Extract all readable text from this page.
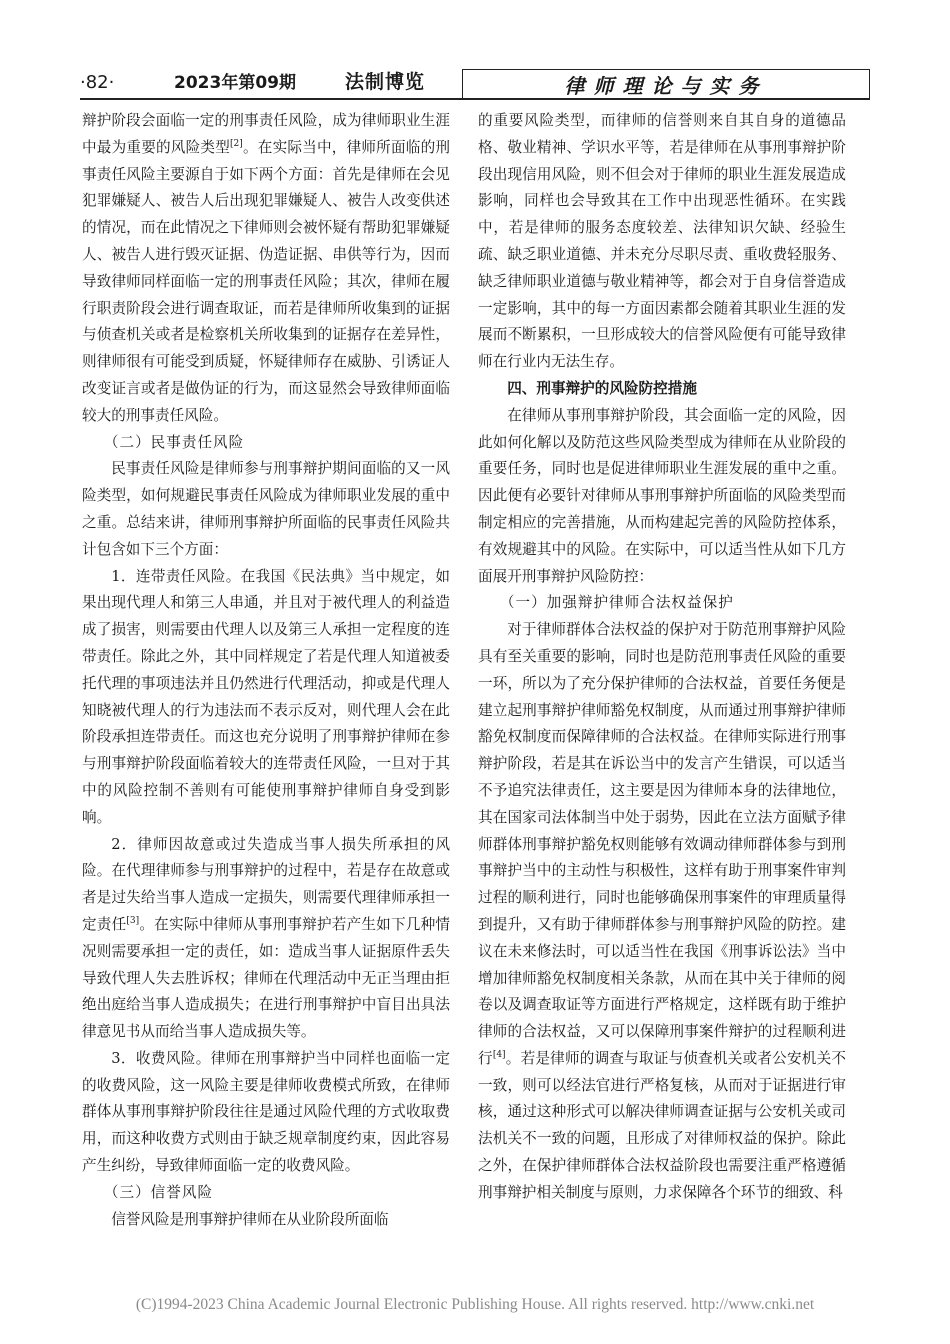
·82·	2023年第09期	法制博览	律师理论与实务

辩护阶段会面临一定的刑事责任风险，成为律师职业生涯中最为重要的风险类型[2]。在实际当中，律师所面临的刑事责任风险主要源自于如下两个方面：首先是律师在会见犯罪嫌疑人、被告人后出现犯罪嫌疑人、被告人改变供述的情况，而在此情况之下律师则会被怀疑有帮助犯罪嫌疑人、被告人进行毁灭证据、伪造证据、串供等行为，因而导致律师同样面临一定的刑事责任风险；其次，律师在履行职责阶段会进行调查取证，而若是律师所收集到的证据与侦查机关或者是检察机关所收集到的证据存在差异性，则律师很有可能受到质疑，怀疑律师存在威胁、引诱证人改变证言或者是做伪证的行为，而这显然会导致律师面临较大的刑事责任风险。

（二）民事责任风险

民事责任风险是律师参与刑事辩护期间面临的又一风险类型，如何规避民事责任风险成为律师职业发展的重中之重。总结来讲，律师刑事辩护所面临的民事责任风险共计包含如下三个方面：

1．连带责任风险。在我国《民法典》当中规定，如果出现代理人和第三人串通，并且对于被代理人的利益造成了损害，则需要由代理人以及第三人承担一定程度的连带责任。除此之外，其中同样规定了若是代理人知道被委托代理的事项违法并且仍然进行代理活动，抑或是代理人知晓被代理人的行为违法而不表示反对，则代理人会在此阶段承担连带责任。而这也充分说明了刑事辩护律师在参与刑事辩护阶段面临着较大的连带责任风险，一旦对于其中的风险控制不善则有可能使刑事辩护律师自身受到影响。

2．律师因故意或过失造成当事人损失所承担的风险。在代理律师参与刑事辩护的过程中，若是存在故意或者是过失给当事人造成一定损失，则需要代理律师承担一定责任[3]。在实际中律师从事刑事辩护若产生如下几种情况则需要承担一定的责任，如：造成当事人证据原件丢失导致代理人失去胜诉权；律师在代理活动中无正当理由拒绝出庭给当事人造成损失；在进行刑事辩护中盲目出具法律意见书从而给当事人造成损失等。

3．收费风险。律师在刑事辩护当中同样也面临一定的收费风险，这一风险主要是律师收费模式所致，在律师群体从事刑事辩护阶段往往是通过风险代理的方式收取费用，而这种收费方式则由于缺乏规章制度约束，因此容易产生纠纷，导致律师面临一定的收费风险。

（三）信誉风险

信誉风险是刑事辩护律师在从业阶段所面临

的重要风险类型，而律师的信誉则来自其自身的道德品格、敬业精神、学识水平等，若是律师在从事刑事辩护阶段出现信用风险，则不但会对于律师的职业生涯发展造成影响，同样也会导致其在工作中出现恶性循环。在实践中，若是律师的服务态度较差、法律知识欠缺、经验生疏、缺乏职业道德、并未充分尽职尽责、重收费轻服务、缺乏律师职业道德与敬业精神等，都会对于自身信誉造成一定影响，其中的每一方面因素都会随着其职业生涯的发展而不断累积，一旦形成较大的信誉风险便有可能导致律师在行业内无法生存。

四、刑事辩护的风险防控措施

在律师从事刑事辩护阶段，其会面临一定的风险，因此如何化解以及防范这些风险类型成为律师在从业阶段的重要任务，同时也是促进律师职业生涯发展的重中之重。因此便有必要针对律师从事刑事辩护所面临的风险类型而制定相应的完善措施，从而构建起完善的风险防控体系，有效规避其中的风险。在实际中，可以适当性从如下几方面展开刑事辩护风险防控：

（一）加强辩护律师合法权益保护

对于律师群体合法权益的保护对于防范刑事辩护风险具有至关重要的影响，同时也是防范刑事责任风险的重要一环，所以为了充分保护律师的合法权益，首要任务便是建立起刑事辩护律师豁免权制度，从而通过刑事辩护律师豁免权制度而保障律师的合法权益。在律师实际进行刑事辩护阶段，若是其在诉讼当中的发言产生错误，可以适当不予追究法律责任，这主要是因为律师本身的法律地位，其在国家司法体制当中处于弱势，因此在立法方面赋予律师群体刑事辩护豁免权则能够有效调动律师群体参与到刑事辩护当中的主动性与积极性，这样有助于刑事案件审判过程的顺利进行，同时也能够确保刑事案件的审理质量得到提升，又有助于律师群体参与刑事辩护风险的防控。建议在未来修法时，可以适当性在我国《刑事诉讼法》当中增加律师豁免权制度相关条款，从而在其中关于律师的阅卷以及调查取证等方面进行严格规定，这样既有助于维护律师的合法权益，又可以保障刑事案件辩护的过程顺利进行[4]。若是律师的调查与取证与侦查机关或者公安机关不一致，则可以经法官进行严格复核，从而对于证据进行审核，通过这种形式可以解决律师调查证据与公安机关或司法机关不一致的问题，且形成了对律师权益的保护。除此之外，在保护律师群体合法权益阶段也需要注重严格遵循刑事辩护相关制度与原则，力求保障各个环节的细致、科

(C)1994-2023 China Academic Journal Electronic Publishing House. All rights reserved. http://www.cnki.net
